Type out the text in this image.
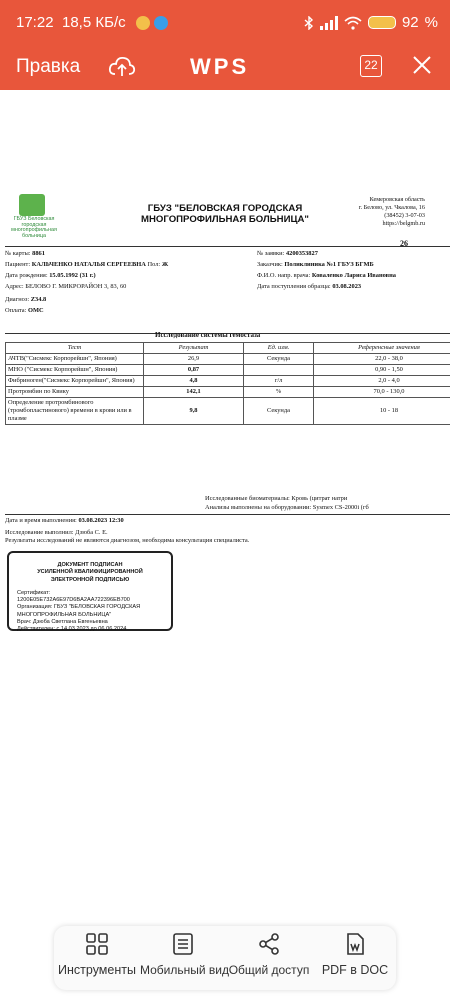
17:22 18,5 КБ/с	92 %
Правка	WPS	22
ГБУЗ Беловская городская многопрофильная больница
ГБУЗ "БЕЛОВСКАЯ ГОРОДСКАЯ МНОГОПРОФИЛЬНАЯ БОЛЬНИЦА"
Кемеровская область
г. Белово, ул. Чкалова, 16
(38452) 3-07-03
https://belgmb.ru
26
№ карты: 8861
Пациент: КАЛЬЧЕНКО НАТАЛЬЯ СЕРГЕЕВНА Пол: Ж
Дата рождения: 15.05.1992 (31 г.)
Адрес: БЕЛОВО Г. МИКРОРАЙОН 3, 83, 60
Диагноз: Z34.8
Оплата: ОМС
№ заявки: 4200353827
Заказчик: Поликлиника №1 ГБУЗ БГМБ
Ф.И.О. напр. врача: Коваленко Лариса Ивановна
Дата поступления образца: 03.08.2023
Исследование системы гемостаза
Тест	Результат	Ед. изм.	Референсные значения
АЧТВ("Сисмекс Корпорейшн", Япония)	26,9	Секунда	22,0 - 38,0
МНО ("Сисмекс Корпорейшн", Япония)	0,87		0,90 - 1,50
Фибриноген("Сисмекс Корпорейшн", Япония)	4,8	г/л	2,0 - 4,0
Протромбин по Квику	142,1	%	70,0 - 130,0
Определение протромбинового (тромбопластинового) времени в крови или в плазме	9,8	Секунда	10 - 18
Исследованные биоматериалы: Кровь (цитрат натри
Анализы выполнены на оборудовании: Sysmex CS-2000i (гб
Дата и время выполнения: 03.08.2023 12:30
Исследование выполнил: Дзюба С. Е.
Результаты исследований не являются диагнозом, необходима консультация специалиста.
ДОКУМЕНТ ПОДПИСАН
УСИЛЕННОЙ КВАЛИФИЦИРОВАННОЙ
ЭЛЕКТРОННОЙ ПОДПИСЬЮ
Сертификат: 1200E05E732A6E97D6BA2AA722396EB700
Организация: ГБУЗ "БЕЛОВСКАЯ ГОРОДСКАЯ
МНОГОПРОФИЛЬНАЯ БОЛЬНИЦА"
Врач: Дзюба Светлана Евгеньевна
Действителен: с 14.03.2023 до 06.06.2024
Инструменты Мобильный вид Общий доступ	PDF в DOC
